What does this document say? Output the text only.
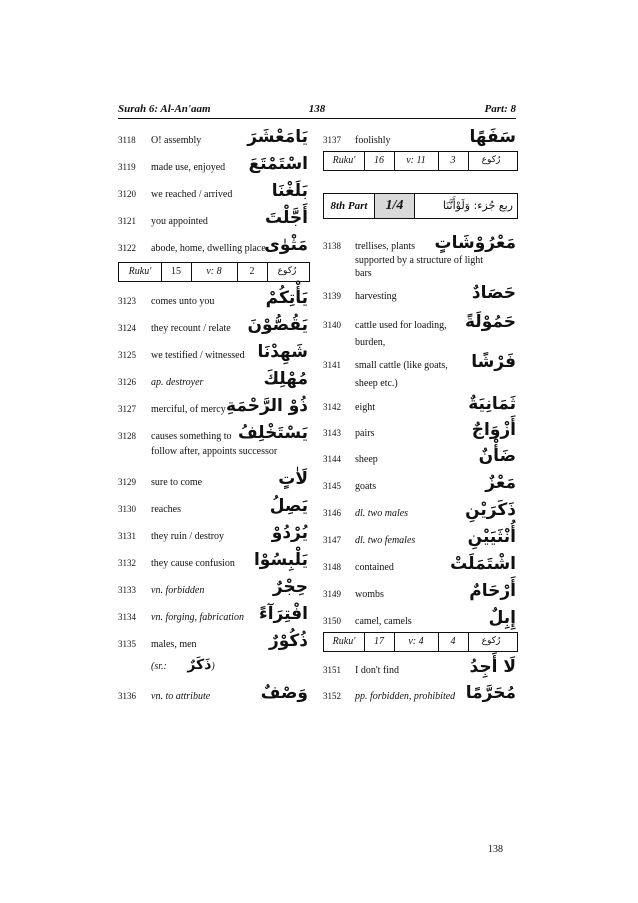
Surah 6: Al-An'aam	138	Part: 8
3118 O! assembly	يَامَعْشَرَ
3119 made use, enjoyed اسْتَمْتَعَ
3120 we reached / arrived بَلَغْنَا
3121 you appointed	أَجَّلْتَ
3122 abode, home, dwelling place
مَثْوٰى
Ruku'	15	v: 8	2	رُكوع
3123 comes unto you	يَأْتِكُمْ
3124 they recount / relate يَقُصُّوْنَ
3125 we testified / witnessed شَهِدْنَا
3126 ap. destroyer	مُهْلِكَ
3127 merciful, of mercy ذُوْ الرَّحْمَةِ
3128 causes something to يَسْتَخْلِفُ
follow after, appoints successor
3129 sure to come	لَاٰتٍ
3130 reaches	يَصِلُ
3131 they ruin / destroy	يُرْدُوْ
3132 they cause confusion يَلْبِسُوْا
3133 vn. forbidden	حِجْرٌ
3134 vn. forging, fabrication افْتِرَآءً
3135 males, men	ذُكُوْرٌ
(sr.: ذَكَرٌ)
3136 vn. to attribute	وَصْفٌ
3137 foolishly	سَفَهًا
Ruku'	16	v: 11	3	رُكوع
8th Part	1/4	ربع جُزء: وَلَوْأَنَّنَا
3138 trellises, plants مَعْرُوْشَاتٍ
supported by a structure of light
bars
3139 harvesting	حَصَادٌ
3140 cattle used for loading, حَمُوْلَةً
burden,
3141 small cattle (like goats, فَرْشًا
sheep etc.)
3142 eight	ثَمَانِيَةٌ
3143 pairs	أَزْوَاجٌ
3144 sheep	ضَأْنٌ
3145 goats	مَعْزٌ
3146 dl. two males	ذَكَرَيْنِ
3147 dl. two females	أُنْثَيَيْنِ
3148 contained	اشْتَمَلَتْ
3149 wombs	أَرْحَامٌ
3150 camel, camels	إِبِلٌ
Ruku'	17	v: 4	4	رُكوع
3151 I don't find	لَا أَجِدُ
3152 pp. forbidden, prohibited مُحَرَّمًا
138
